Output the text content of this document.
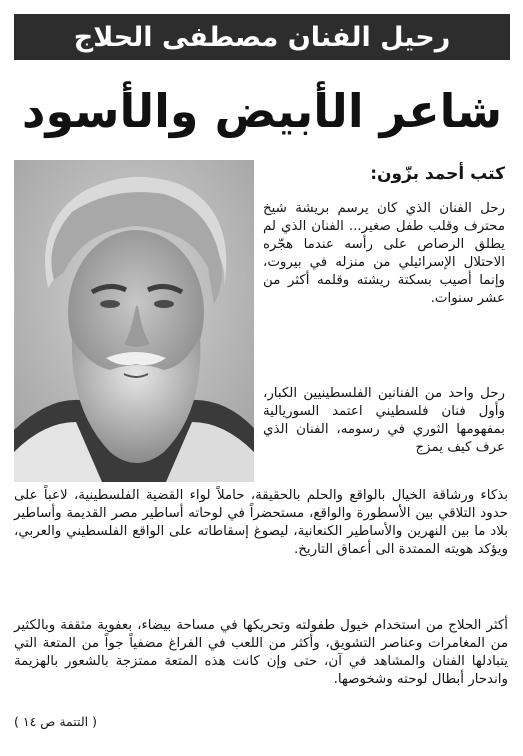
رحيل الفنان مصطفى الحلاج
شاعر الأبيض والأسود
كتب أحمد بزّون:
رحل الفنان الذي كان يرسم بريشة شيخ محترف وقلب طفل صغير... الفنان الذي لم يطلق الرصاص على رأسه عندما هجّره الاحتلال الإسرائيلي من منزله في بيروت، وإنما أصيب بسكتة ريشته وقلمه أكثر من عشر سنوات.
رحل واحد من الفنانين الفلسطينيين الكبار، وأول فنان فلسطيني اعتمد السوريالية بمفهومها الثوري في رسومه، الفنان الذي عرف كيف يمزج
بذكاء ورشاقة الخيال بالواقع والحلم بالحقيقة، حاملاً لواء القضية الفلسطينية، لاعباً على حدود التلاقي بين الأسطورة والواقع، مستحضراً في لوحاته أساطير مصر القديمة وأساطير بلاد ما بين النهرين والأساطير الكنعانية، ليصوغ إسقاطاته على الواقع الفلسطيني والعربي، ويؤكد هويته الممتدة الى أعماق التاريخ.
أكثر الحلاج من استخدام خيول طفولته وتحريكها في مساحة بيضاء، بعفوية مثقفة وبالكثير من المغامرات وعناصر التشويق، وأكثر من اللعب في الفراغ مضفياً جواً من المتعة التي يتبادلها الفنان والمشاهد في آن، حتى وإن كانت هذه المتعة ممتزجة بالشعور بالهزيمة واندحار أبطال لوحته وشخوصها.
( التتمة ص ١٤ )
